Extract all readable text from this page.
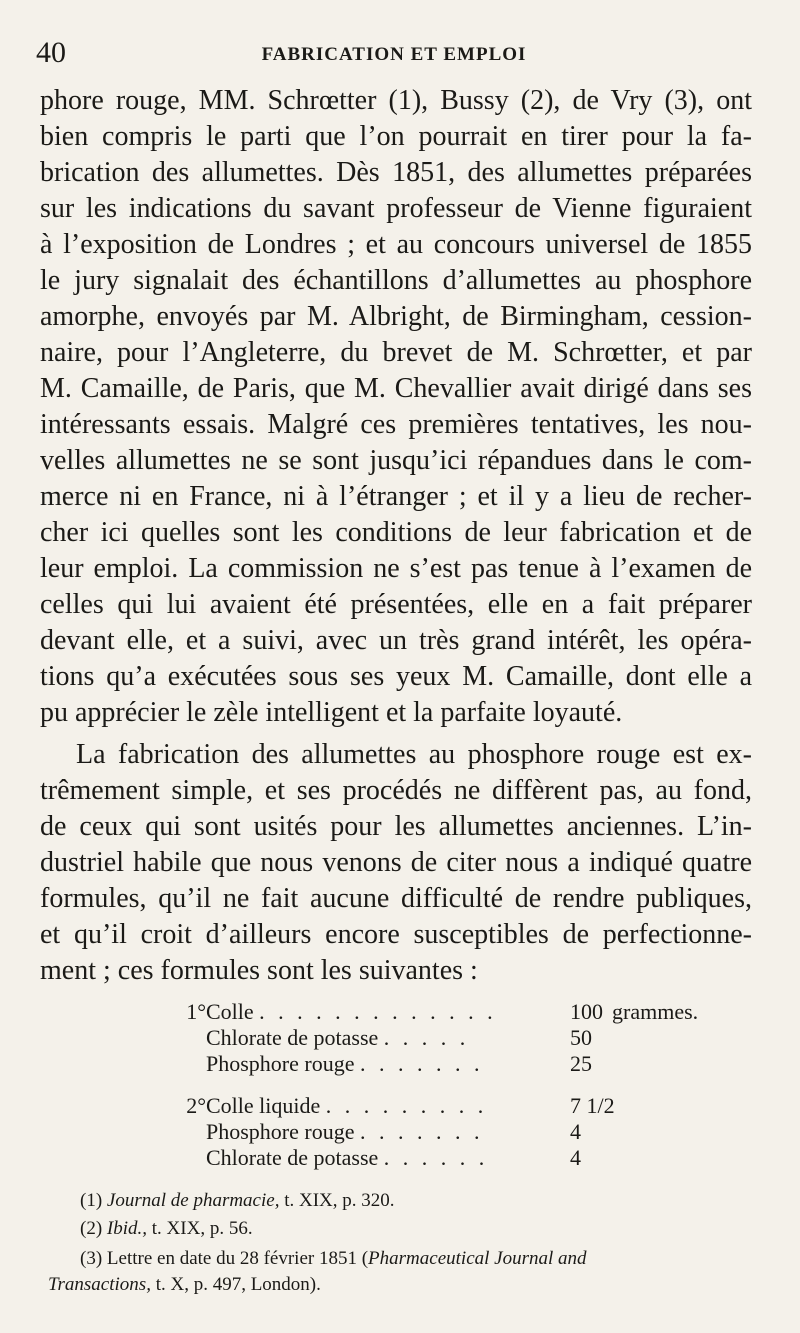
40	FABRICATION ET EMPLOI
phore rouge, MM. Schrœtter (1), Bussy (2), de Vry (3), ont
bien compris le parti que l’on pourrait en tirer pour la fa-
brication des allumettes. Dès 1851, des allumettes préparées
sur les indications du savant professeur de Vienne figuraient
à l’exposition de Londres ; et au concours universel de 1855
le jury signalait des échantillons d’allumettes au phosphore
amorphe, envoyés par M. Albright, de Birmingham, cession-
naire, pour l’Angleterre, du brevet de M. Schrœtter, et par
M. Camaille, de Paris, que M. Chevallier avait dirigé dans ses
intéressants essais. Malgré ces premières tentatives, les nou-
velles allumettes ne se sont jusqu’ici répandues dans le com-
merce ni en France, ni à l’étranger ; et il y a lieu de recher-
cher ici quelles sont les conditions de leur fabrication et de
leur emploi. La commission ne s’est pas tenue à l’examen de
celles qui lui avaient été présentées, elle en a fait préparer
devant elle, et a suivi, avec un très grand intérêt, les opéra-
tions qu’a exécutées sous ses yeux M. Camaille, dont elle a
pu apprécier le zèle intelligent et la parfaite loyauté.
La fabrication des allumettes au phosphore rouge est ex-
trêmement simple, et ses procédés ne diffèrent pas, au fond,
de ceux qui sont usités pour les allumettes anciennes. L’in-
dustriel habile que nous venons de citer nous a indiqué quatre
formules, qu’il ne fait aucune difficulté de rendre publiques,
et qu’il croit d’ailleurs encore susceptibles de perfectionne-
ment ; ces formules sont les suivantes :
1° Colle . . . . . . . . . . . . .	100 grammes.
Chlorate de potasse . . . . .	50
Phosphore rouge . . . . . . .	25
2° Colle liquide . . . . . . . . .	7 1/2
Phosphore rouge . . . . . . .	4
Chlorate de potasse . . . . . .	4
(1) Journal de pharmacie, t. XIX, p. 320.
(2) Ibid., t. XIX, p. 56.
(3) Lettre en date du 28 février 1851 (Pharmaceutical Journal and
Transactions, t. X, p. 497, London).
